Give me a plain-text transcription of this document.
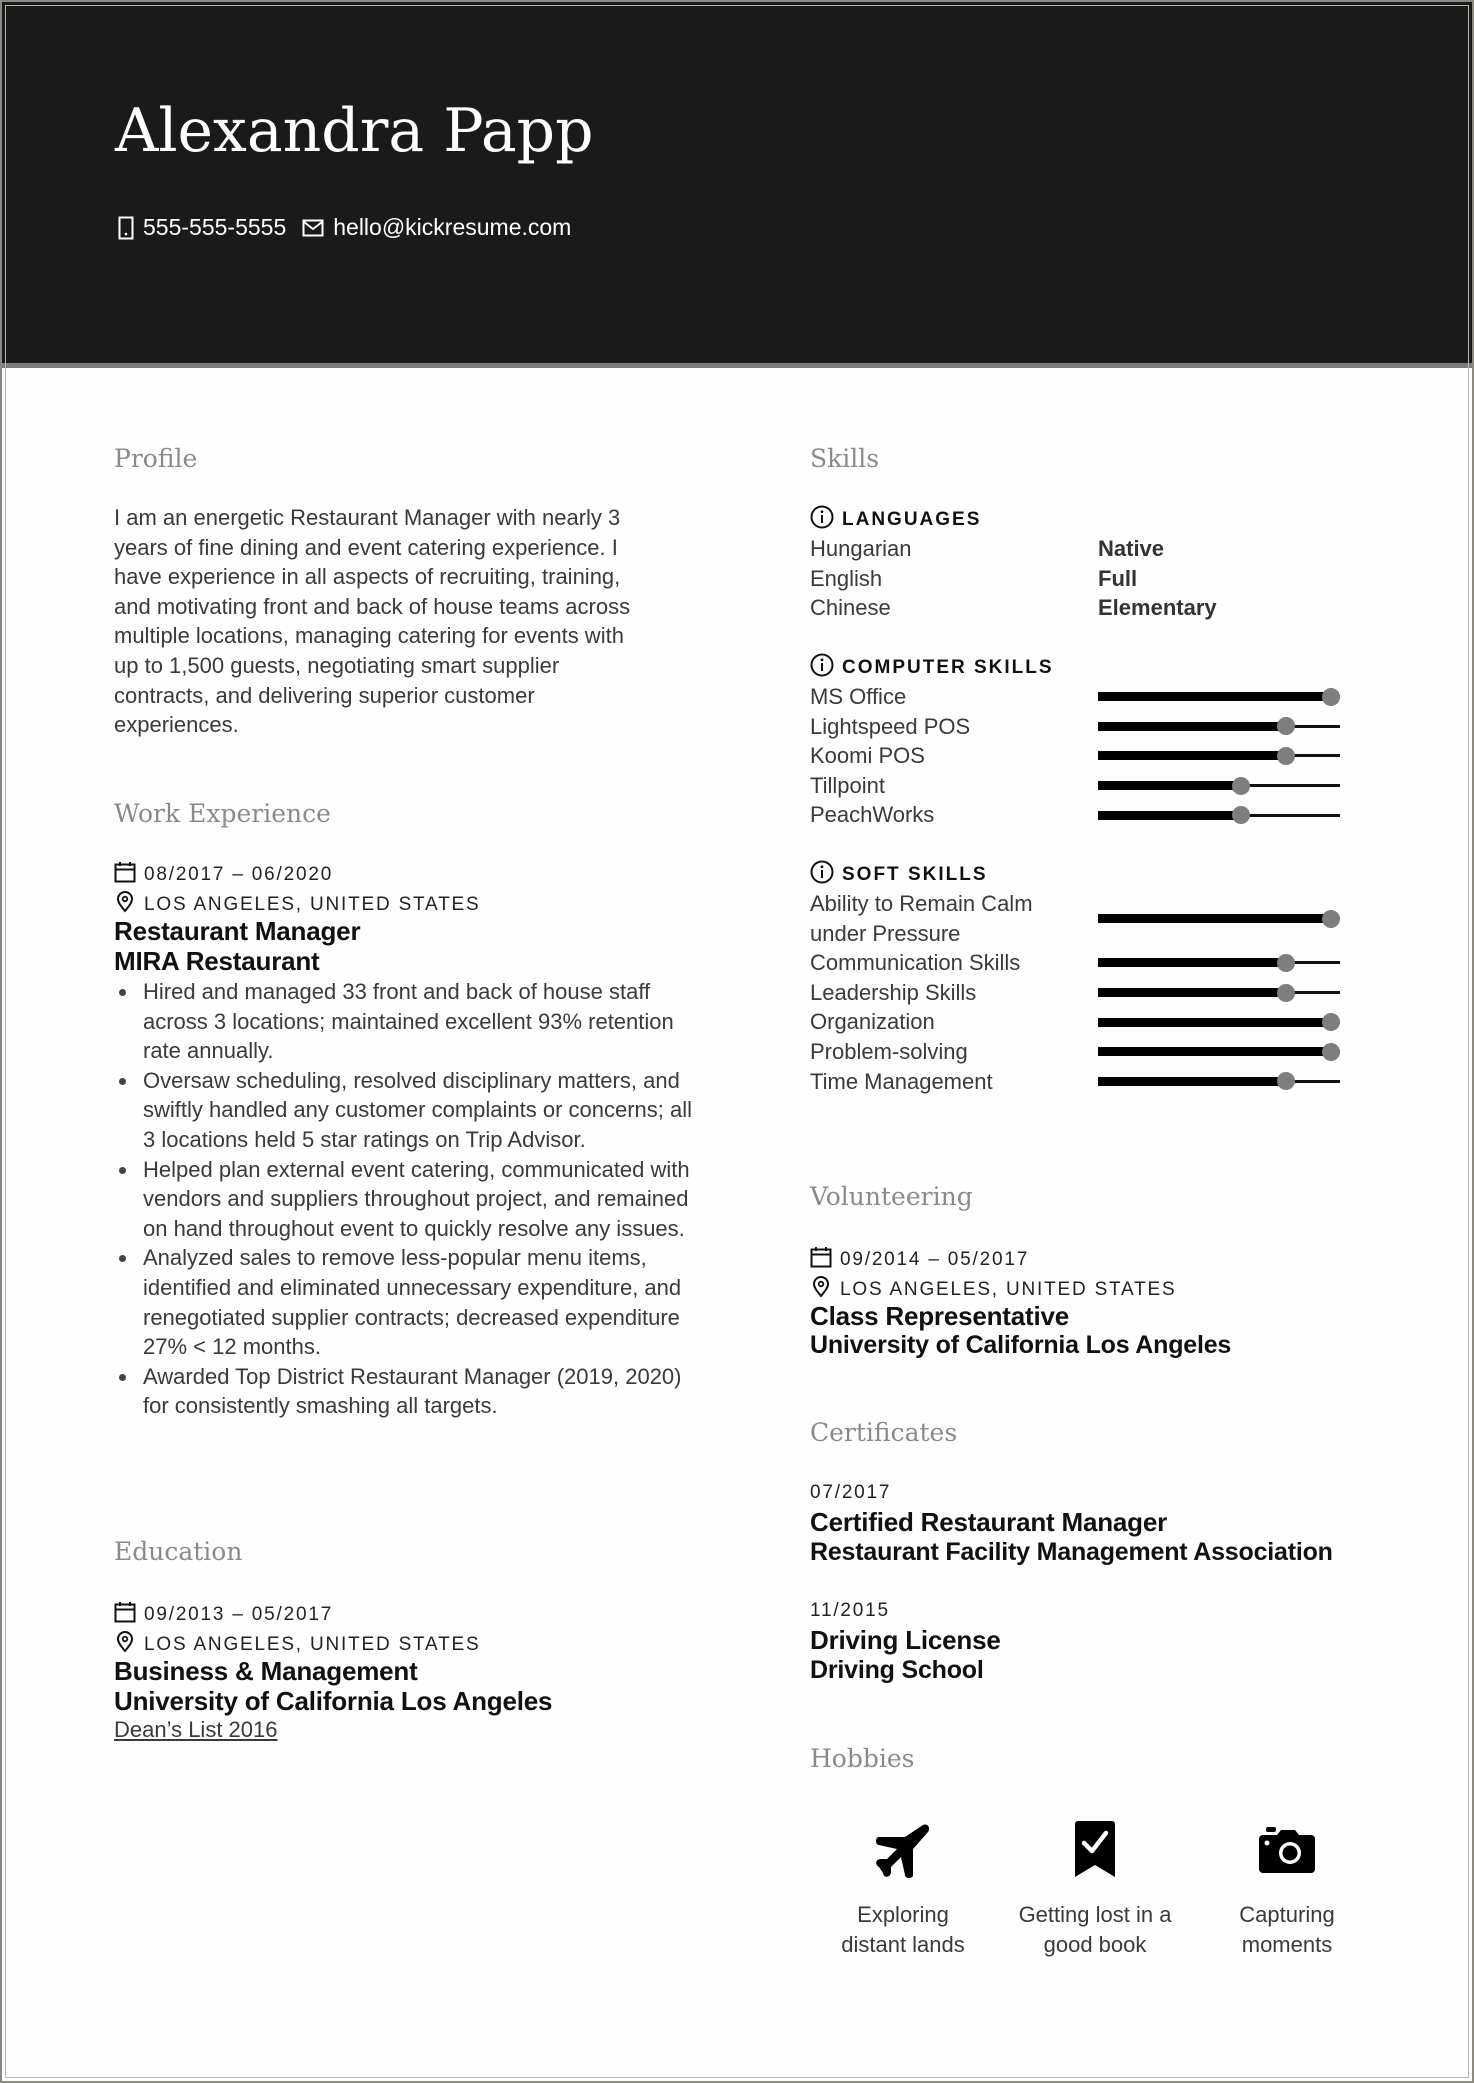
Alexandra Papp
555-555-5555 hello@kickresume.com
Profile
I am an energetic Restaurant Manager with nearly 3
years of fine dining and event catering experience. I
have experience in all aspects of recruiting, training,
and motivating front and back of house teams across
multiple locations, managing catering for events with
up to 1,500 guests, negotiating smart supplier
contracts, and delivering superior customer
experiences.
Work Experience
08/2017 – 06/2020
LOS ANGELES, UNITED STATES
Restaurant Manager
MIRA Restaurant
Hired and managed 33 front and back of house staff across 3 locations; maintained excellent 93% retention rate annually.
Oversaw scheduling, resolved disciplinary matters, and swiftly handled any customer complaints or concerns; all 3 locations held 5 star ratings on Trip Advisor.
Helped plan external event catering, communicated with vendors and suppliers throughout project, and remained on hand throughout event to quickly resolve any issues.
Analyzed sales to remove less-popular menu items, identified and eliminated unnecessary expenditure, and renegotiated supplier contracts; decreased expenditure 27% < 12 months.
Awarded Top District Restaurant Manager (2019, 2020) for consistently smashing all targets.
Education
09/2013 – 05/2017
LOS ANGELES, UNITED STATES
Business & Management
University of California Los Angeles
Dean’s List 2016
Skills
LANGUAGES
Hungarian	Native
English	Full
Chinese	Elementary
COMPUTER SKILLS
MS Office
Lightspeed POS
Koomi POS
Tillpoint
PeachWorks
SOFT SKILLS
Ability to Remain Calm
under Pressure
Communication Skills
Leadership Skills
Organization
Problem-solving
Time Management
Volunteering
09/2014 – 05/2017
LOS ANGELES, UNITED STATES
Class Representative
University of California Los Angeles
Certificates
07/2017
Certified Restaurant Manager
Restaurant Facility Management Association
11/2015
Driving License
Driving School
Hobbies
Exploring
distant lands
Getting lost in a
good book
Capturing
moments
